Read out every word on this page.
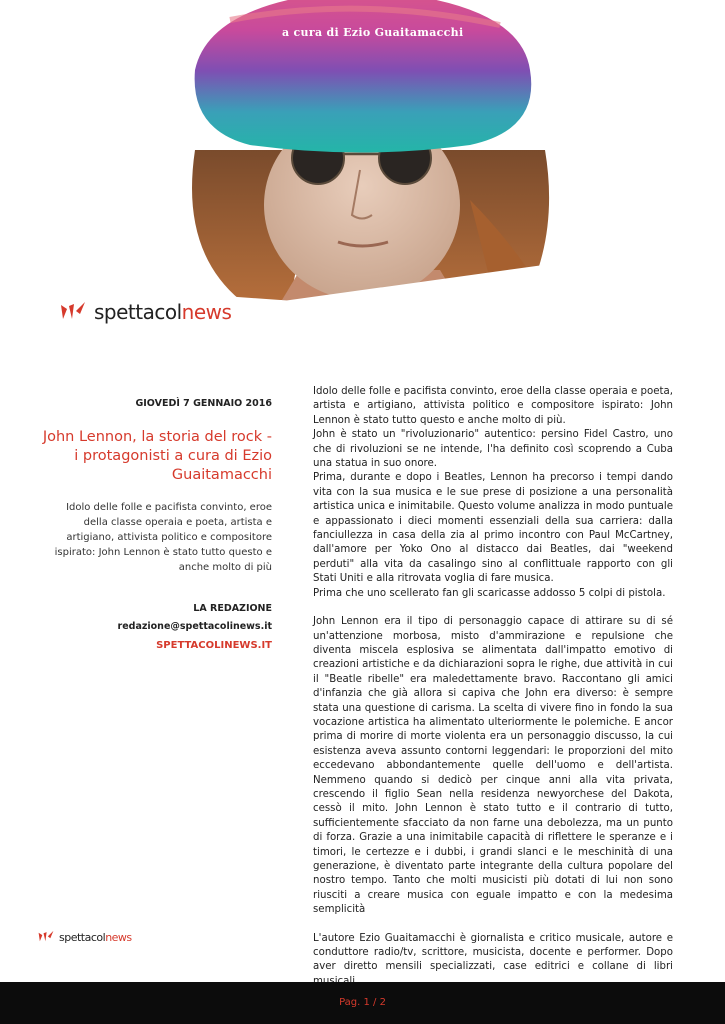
a cura di Ezio Guaitamacchi
spettacolnews
GIOVEDÌ 7 GENNAIO 2016
John Lennon, la storia del rock - i protagonisti a cura di Ezio Guaitamacchi
Idolo delle folle e pacifista convinto, eroe della classe operaia e poeta, artista e artigiano, attivista politico e compositore ispirato: John Lennon è stato tutto questo e anche molto di più
LA REDAZIONE
redazione@spettacolinews.it
SPETTACOLINEWS.IT

Idolo delle folle e pacifista convinto, eroe della classe operaia e poeta, artista e artigiano, attivista politico e compositore ispirato: John Lennon è stato tutto questo e anche molto di più.

John è stato un "rivoluzionario" autentico: persino Fidel Castro, uno che di rivoluzioni se ne intende, l'ha definito così scoprendo a Cuba una statua in suo onore.

Prima, durante e dopo i Beatles, Lennon ha precorso i tempi dando vita con la sua musica e le sue prese di posizione a una personalità artistica unica e inimitabile. Questo volume analizza in modo puntuale e appassionato i dieci momenti essenziali della sua carriera: dalla fanciullezza in casa della zia al primo incontro con Paul McCartney, dall'amore per Yoko Ono al distacco dai Beatles, dai "weekend perduti" alla vita da casalingo sino al conflittuale rapporto con gli Stati Uniti e alla ritrovata voglia di fare musica.

Prima che uno scellerato fan gli scaricasse addosso 5 colpi di pistola.

John Lennon era il tipo di personaggio capace di attirare su di sé un'attenzione morbosa, misto d'ammirazione e repulsione che diventa miscela esplosiva se alimentata dall'impatto emotivo di creazioni artistiche e da dichiarazioni sopra le righe, due attività in cui il "Beatle ribelle" era maledettamente bravo. Raccontano gli amici d'infanzia che già allora si capiva che John era diverso: è sempre stata una questione di carisma. La scelta di vivere fino in fondo la sua vocazione artistica ha alimentato ulteriormente le polemiche. E ancor prima di morire di morte violenta era un personaggio discusso, la cui esistenza aveva assunto contorni leggendari: le proporzioni del mito eccedevano abbondantemente quelle dell'uomo e dell'artista. Nemmeno quando si dedicò per cinque anni alla vita privata, crescendo il figlio Sean nella residenza newyorchese del Dakota, cessò il mito. John Lennon è stato tutto e il contrario di tutto, sufficientemente sfacciato da non farne una debolezza, ma un punto di forza. Grazie a una inimitabile capacità di riflettere le speranze e i timori, le certezze e i dubbi, i grandi slanci e le meschinità di una generazione, è diventato parte integrante della cultura popolare del nostro tempo. Tanto che molti musicisti più dotati di lui non sono riusciti a creare musica con eguale impatto e con la medesima semplicità

L'autore Ezio Guaitamacchi è giornalista e critico musicale, autore e conduttore radio/tv, scrittore, musicista, docente e performer. Dopo aver diretto mensili specializzati, case editrici e collane di libri

spettacolnews
Pag. 1 / 2
